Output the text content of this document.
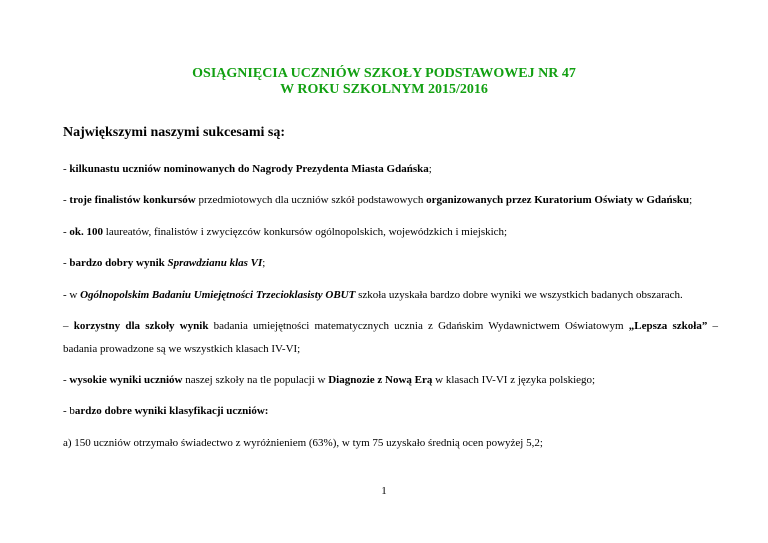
OSIĄGNIĘCIA UCZNIÓW SZKOŁY PODSTAWOWEJ NR 47
W ROKU SZKOLNYM 2015/2016
Największymi naszymi sukcesami są:
- kilkunastu uczniów nominowanych do Nagrody Prezydenta Miasta Gdańska;
- troje finalistów konkursów przedmiotowych dla uczniów szkół podstawowych organizowanych przez Kuratorium Oświaty w Gdańsku;
- ok. 100 laureatów, finalistów i zwycięzców konkursów ogólnopolskich, wojewódzkich i miejskich;
- bardzo dobry wynik Sprawdzianu klas VI;
- w Ogólnopolskim Badaniu Umiejętności Trzecioklasisty OBUT szkoła uzyskała bardzo dobre wyniki we wszystkich badanych obszarach.
– korzystny dla szkoły wynik badania umiejętności matematycznych ucznia z Gdańskim Wydawnictwem Oświatowym „Lepsza szkoła” – badania prowadzone są we wszystkich klasach IV-VI;
- wysokie wyniki uczniów naszej szkoły na tle populacji w Diagnozie z Nową Erą w klasach IV-VI z języka polskiego;
- bardzo dobre wyniki klasyfikacji uczniów:
a) 150 uczniów otrzymało świadectwo z wyróżnieniem (63%), w tym 75 uzyskało średnią ocen powyżej 5,2;
1
